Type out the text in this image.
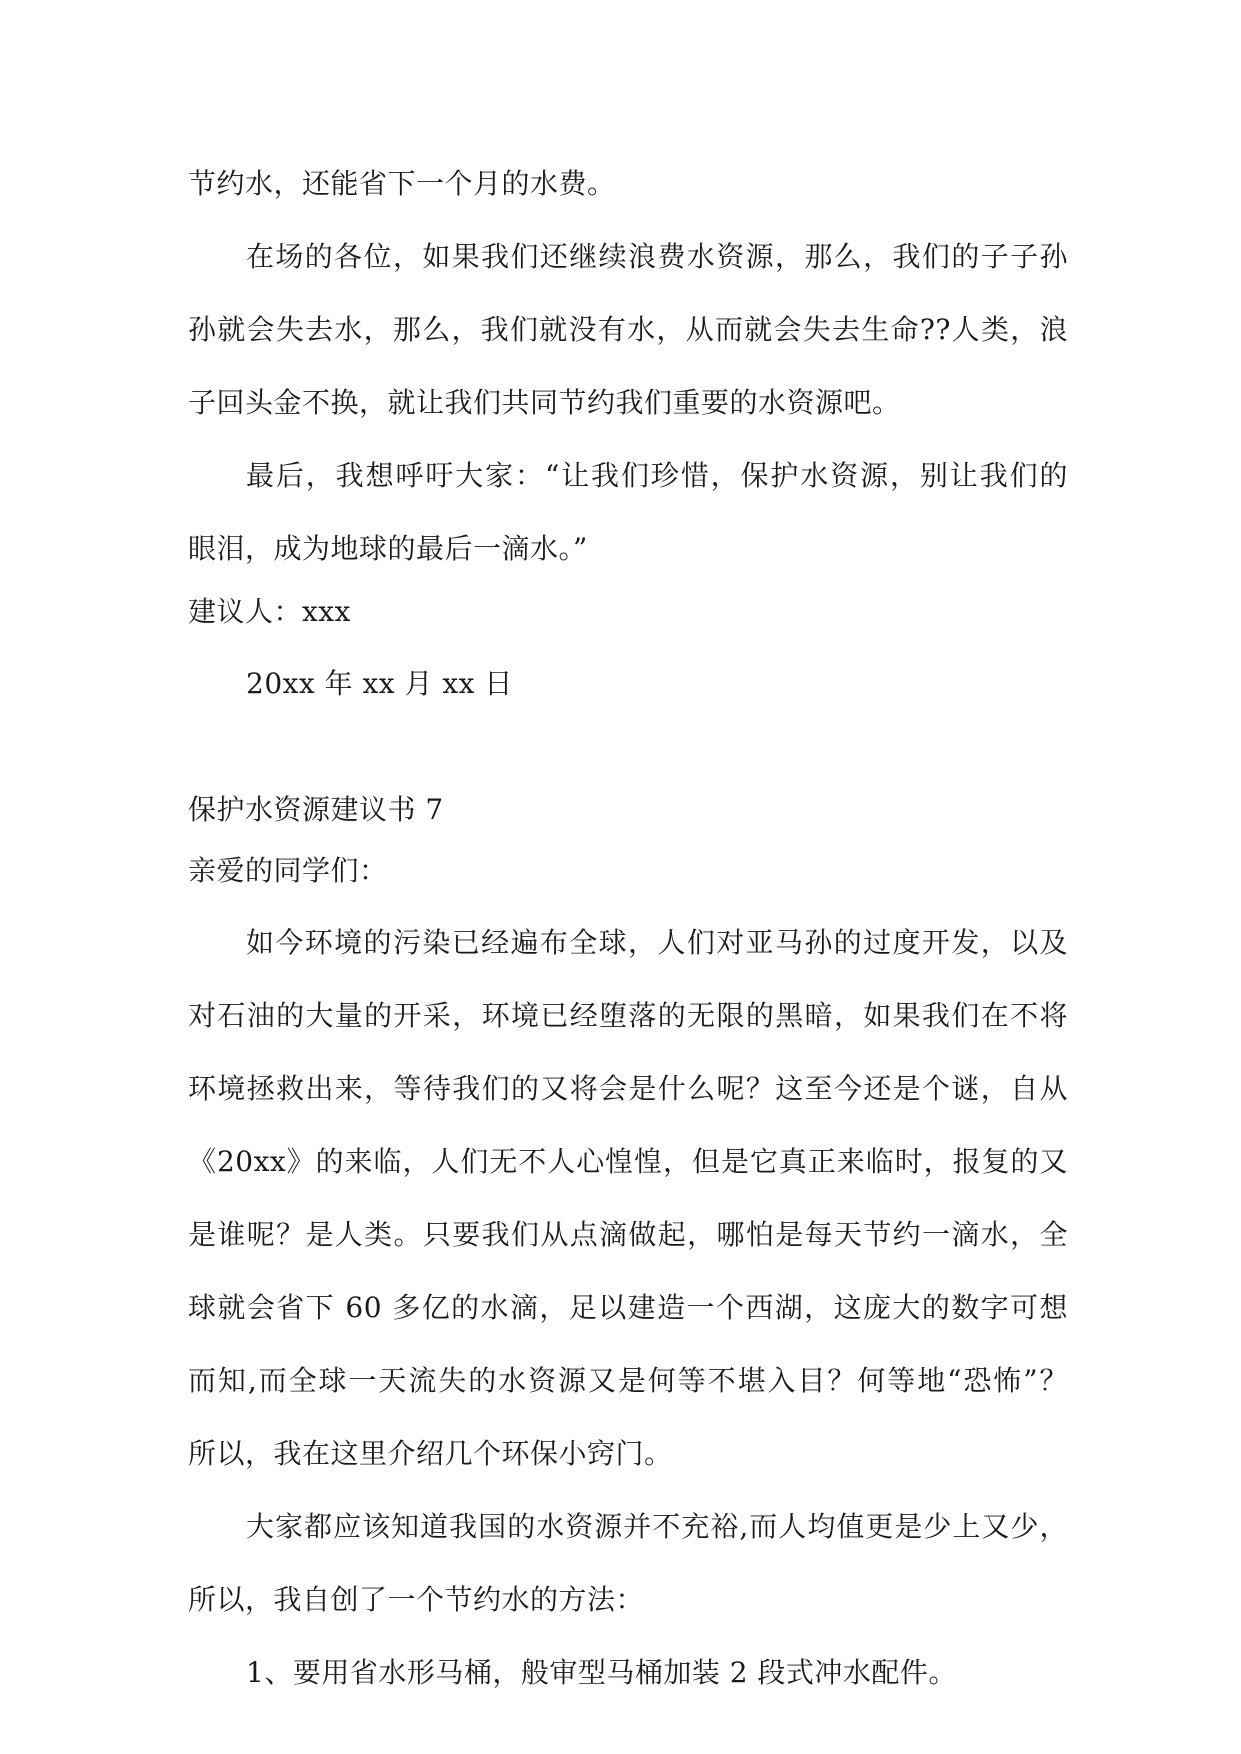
节约水，还能省下一个月的水费。
在场的各位，如果我们还继续浪费水资源，那么，我们的子子孙
孙就会失去水，那么，我们就没有水，从而就会失去生命??人类，浪
子回头金不换，就让我们共同节约我们重要的水资源吧。
最后，我想呼吁大家：“让我们珍惜，保护水资源，别让我们的
眼泪，成为地球的最后一滴水。”
建议人：xxx
20xx 年 xx 月 xx 日
保护水资源建议书 7
亲爱的同学们：
如今环境的污染已经遍布全球，人们对亚马孙的过度开发，以及
对石油的大量的开采，环境已经堕落的无限的黑暗，如果我们在不将
环境拯救出来，等待我们的又将会是什么呢？这至今还是个谜，自从
《20xx》的来临，人们无不人心惶惶，但是它真正来临时，报复的又
是谁呢？是人类。只要我们从点滴做起，哪怕是每天节约一滴水，全
球就会省下 60 多亿的水滴，足以建造一个西湖，这庞大的数字可想
而知,而全球一天流失的水资源又是何等不堪入目？何等地“恐怖”？
所以，我在这里介绍几个环保小窍门。
大家都应该知道我国的水资源并不充裕,而人均值更是少上又少，
所以，我自创了一个节约水的方法：
1、要用省水形马桶，般审型马桶加装 2 段式冲水配件。
